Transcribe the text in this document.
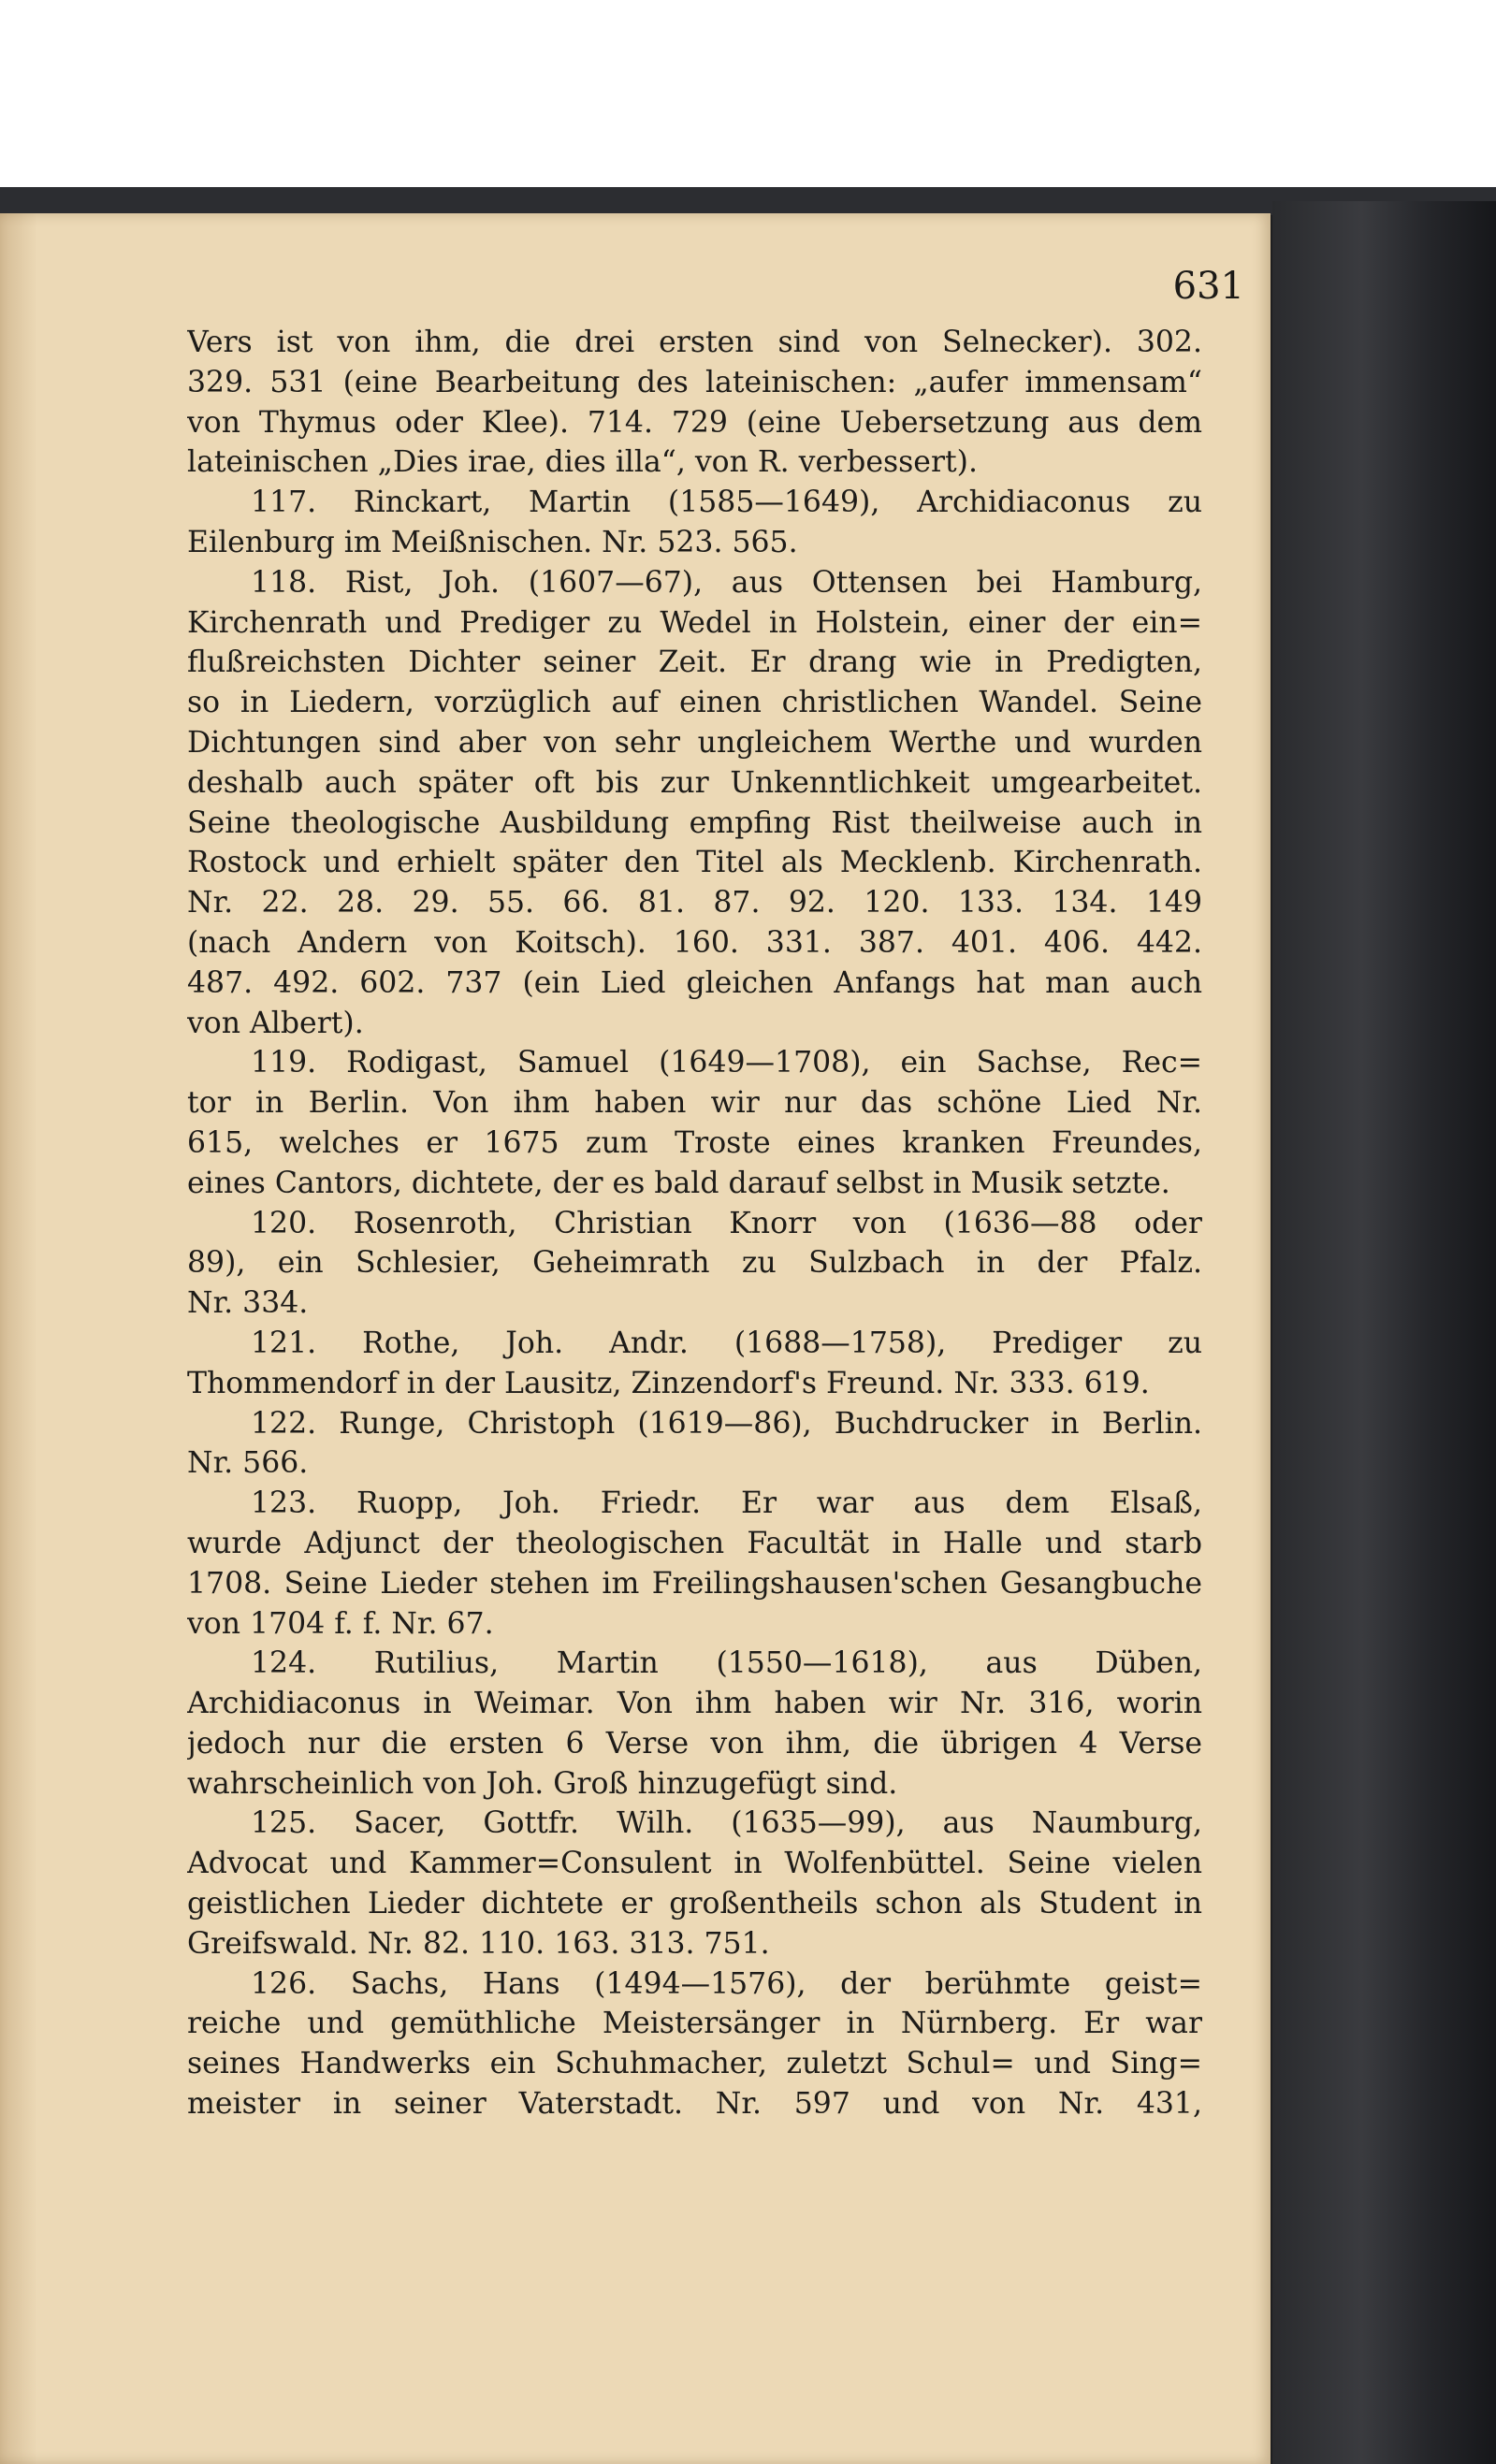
631
Vers ist von ihm, die drei ersten sind von Selnecker). 302.
329. 531 (eine Bearbeitung des lateinischen: „aufer immensam“
von Thymus oder Klee). 714. 729 (eine Uebersetzung aus dem
lateinischen „Dies irae, dies illa“, von R. verbessert).
117. Rinckart, Martin (1585—1649), Archidiaconus zu
Eilenburg im Meißnischen. Nr. 523. 565.
118. Rist, Joh. (1607—67), aus Ottensen bei Hamburg,
Kirchenrath und Prediger zu Wedel in Holstein, einer der ein=
flußreichsten Dichter seiner Zeit. Er drang wie in Predigten,
so in Liedern, vorzüglich auf einen christlichen Wandel. Seine
Dichtungen sind aber von sehr ungleichem Werthe und wurden
deshalb auch später oft bis zur Unkenntlichkeit umgearbeitet.
Seine theologische Ausbildung empfing Rist theilweise auch in
Rostock und erhielt später den Titel als Mecklenb. Kirchenrath.
Nr. 22. 28. 29. 55. 66. 81. 87. 92. 120. 133. 134. 149
(nach Andern von Koitsch). 160. 331. 387. 401. 406. 442.
487. 492. 602. 737 (ein Lied gleichen Anfangs hat man auch
von Albert).
119. Rodigast, Samuel (1649—1708), ein Sachse, Rec=
tor in Berlin. Von ihm haben wir nur das schöne Lied Nr.
615, welches er 1675 zum Troste eines kranken Freundes,
eines Cantors, dichtete, der es bald darauf selbst in Musik setzte.
120. Rosenroth, Christian Knorr von (1636—88 oder
89), ein Schlesier, Geheimrath zu Sulzbach in der Pfalz.
Nr. 334.
121. Rothe, Joh. Andr. (1688—1758), Prediger zu
Thommendorf in der Lausitz, Zinzendorf's Freund. Nr. 333. 619.
122. Runge, Christoph (1619—86), Buchdrucker in Berlin.
Nr. 566.
123. Ruopp, Joh. Friedr. Er war aus dem Elsaß,
wurde Adjunct der theologischen Facultät in Halle und starb
1708. Seine Lieder stehen im Freilingshausen'schen Gesangbuche
von 1704 f. f. Nr. 67.
124. Rutilius, Martin (1550—1618), aus Düben,
Archidiaconus in Weimar. Von ihm haben wir Nr. 316, worin
jedoch nur die ersten 6 Verse von ihm, die übrigen 4 Verse
wahrscheinlich von Joh. Groß hinzugefügt sind.
125. Sacer, Gottfr. Wilh. (1635—99), aus Naumburg,
Advocat und Kammer=Consulent in Wolfenbüttel. Seine vielen
geistlichen Lieder dichtete er großentheils schon als Student in
Greifswald. Nr. 82. 110. 163. 313. 751.
126. Sachs, Hans (1494—1576), der berühmte geist=
reiche und gemüthliche Meistersänger in Nürnberg. Er war
seines Handwerks ein Schuhmacher, zuletzt Schul= und Sing=
meister in seiner Vaterstadt. Nr. 597 und von Nr. 431,
